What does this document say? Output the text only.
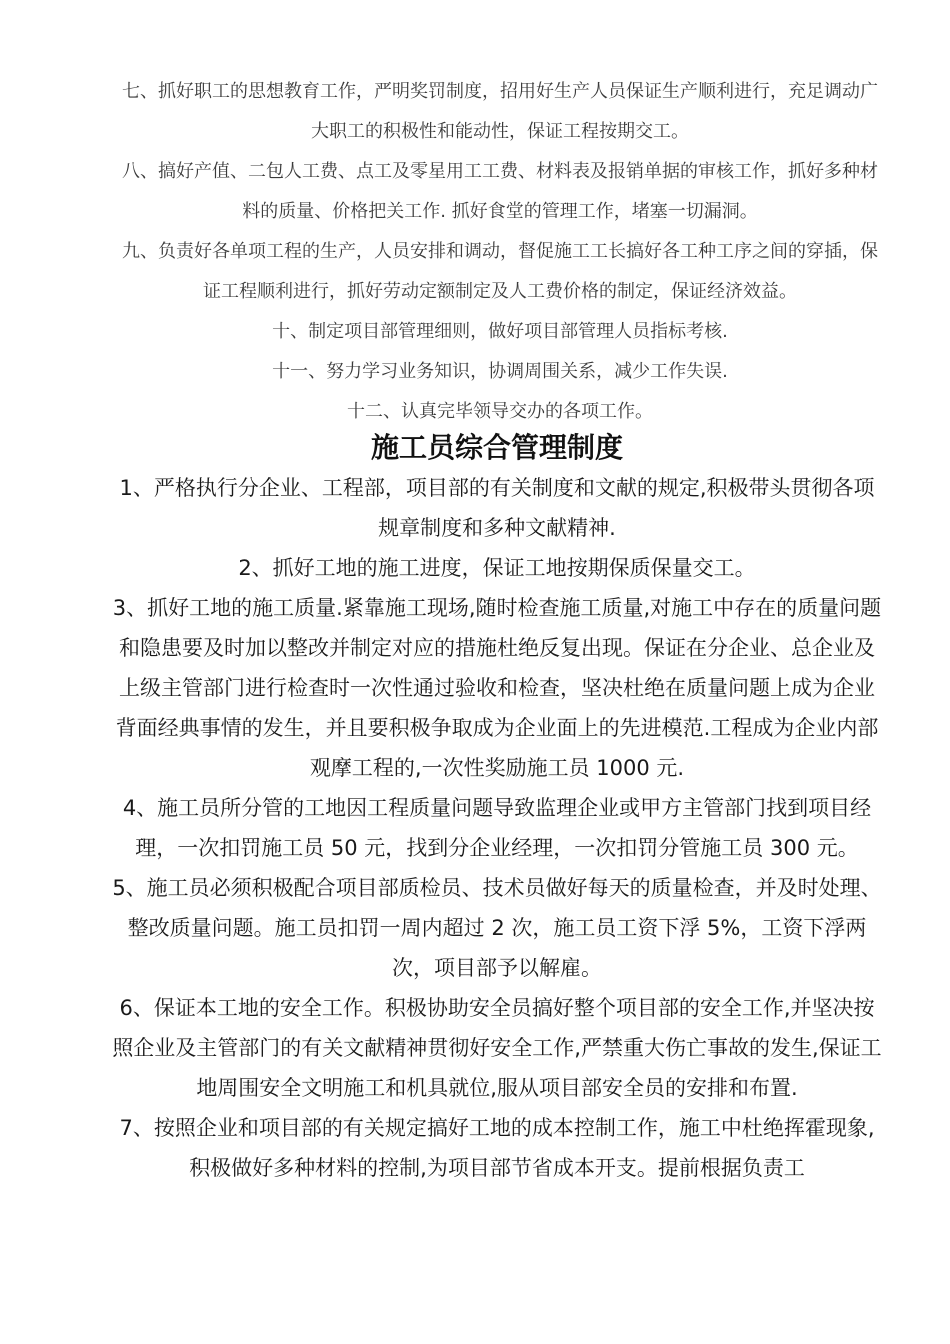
七、抓好职工的思想教育工作，严明奖罚制度，招用好生产人员保证生产顺利进行，充足调动广大职工的积极性和能动性，保证工程按期交工。

八、搞好产值、二包人工费、点工及零星用工工费、材料表及报销单据的审核工作，抓好多种材料的质量、价格把关工作. 抓好食堂的管理工作，堵塞一切漏洞。

九、负责好各单项工程的生产，人员安排和调动，督促施工工长搞好各工种工序之间的穿插，保证工程顺利进行，抓好劳动定额制定及人工费价格的制定，保证经济效益。

十、制定项目部管理细则，做好项目部管理人员指标考核.

十一、努力学习业务知识，协调周围关系，减少工作失误.

十二、认真完毕领导交办的各项工作。

施工员综合管理制度

1、严格执行分企业、工程部，项目部的有关制度和文献的规定,积极带头贯彻各项规章制度和多种文献精神.

2、抓好工地的施工进度，保证工地按期保质保量交工。

3、抓好工地的施工质量.紧靠施工现场,随时检查施工质量,对施工中存在的质量问题和隐患要及时加以整改并制定对应的措施杜绝反复出现。保证在分企业、总企业及上级主管部门进行检查时一次性通过验收和检查，坚决杜绝在质量问题上成为企业背面经典事情的发生，并且要积极争取成为企业面上的先进模范.工程成为企业内部观摩工程的,一次性奖励施工员 1000 元.

4、施工员所分管的工地因工程质量问题导致监理企业或甲方主管部门找到项目经理，一次扣罚施工员 50 元，找到分企业经理，一次扣罚分管施工员 300 元。

5、施工员必须积极配合项目部质检员、技术员做好每天的质量检查，并及时处理、整改质量问题。施工员扣罚一周内超过 2 次，施工员工资下浮 5%，工资下浮两次，项目部予以解雇。

6、保证本工地的安全工作。积极协助安全员搞好整个项目部的安全工作,并坚决按照企业及主管部门的有关文献精神贯彻好安全工作,严禁重大伤亡事故的发生,保证工地周围安全文明施工和机具就位,服从项目部安全员的安排和布置.

7、按照企业和项目部的有关规定搞好工地的成本控制工作，施工中杜绝挥霍现象,积极做好多种材料的控制,为项目部节省成本开支。提前根据负责工
